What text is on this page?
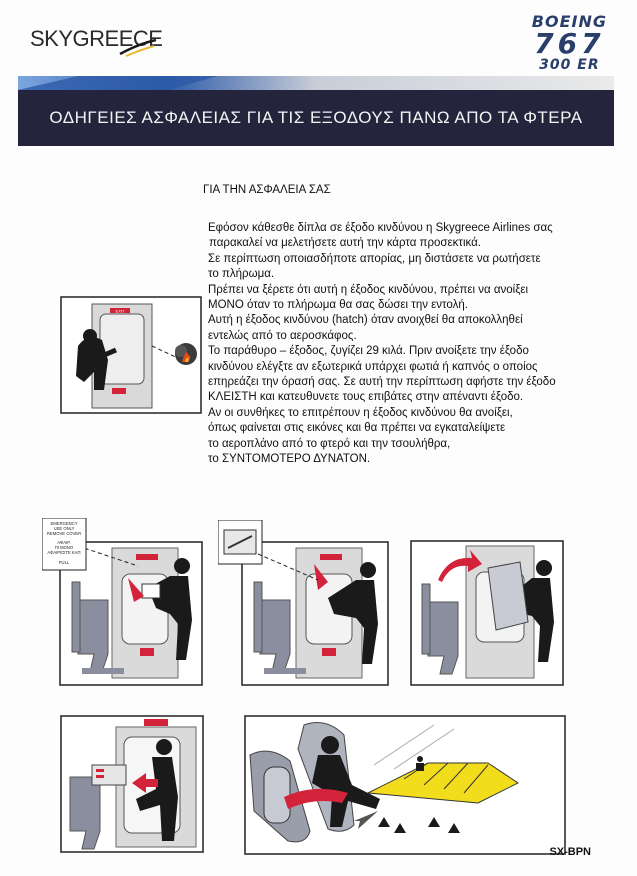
SKYGREECE
BOEING
767
300 ER
ΟΔΗΓΕΙΕΣ ΑΣΦΑΛΕΙΑΣ ΓΙΑ ΤΙΣ ΕΞΟΔΟΥΣ ΠΑΝΩ ΑΠΟ ΤΑ ΦΤΕΡΑ
ΓΙΑ ΤΗΝ ΑΣΦΑΛΕΙΑ ΣΑΣ
Εφόσον κάθεσθε δίπλα σε έξοδο κινδύνου η Skygreece Airlines σας
παρακαλεί να μελετήσετε αυτή την κάρτα προσεκτικά.
Σε περίπτωση οποιασδήποτε απορίας, μη διστάσετε να ρωτήσετε
το πλήρωμα.
Πρέπει να ξέρετε ότι αυτή η έξοδος κινδύνου, πρέπει να ανοίξει
ΜΟΝΟ όταν το πλήρωμα θα σας δώσει την εντολή.
Αυτή η έξοδος κινδύνου (hatch) όταν ανοιχθεί θα αποκολληθεί
εντελώς από το αεροσκάφος.
Το παράθυρο – έξοδος, ζυγίζει 29 κιλά. Πριν ανοίξετε την έξοδο
κινδύνου ελέγξτε αν εξωτερικά υπάρχει φωτιά ή καπνός ο οποίος
επηρεάζει την όρασή σας. Σε αυτή την περίπτωση αφήστε την έξοδο
ΚΛΕΙΣΤΗ και κατευθυνετε τους επιβάτες στην απέναντι έξοδο.
Αν οι συνθήκες το επιτρέπουν η έξοδος κινδύνου θα ανοίξει,
όπως φαίνεται στις εικόνες και θα πρέπει να εγκαταλείψετε
το αεροπλάνο από το φτερό και την τσουλήθρα,
το ΣΥΝΤΟΜΟΤΕΡΟ ΔΥΝΑΤΟΝ.
EXIT
EMERGENCY
USE ONLY
REMOVE COVER
ΑΦΑΙΡ.
ΠΙ ΜΟΝΟ
ΑΦΑΙΡΕΣΤΕ ΚΑΠ
PULL
SX-BPN
